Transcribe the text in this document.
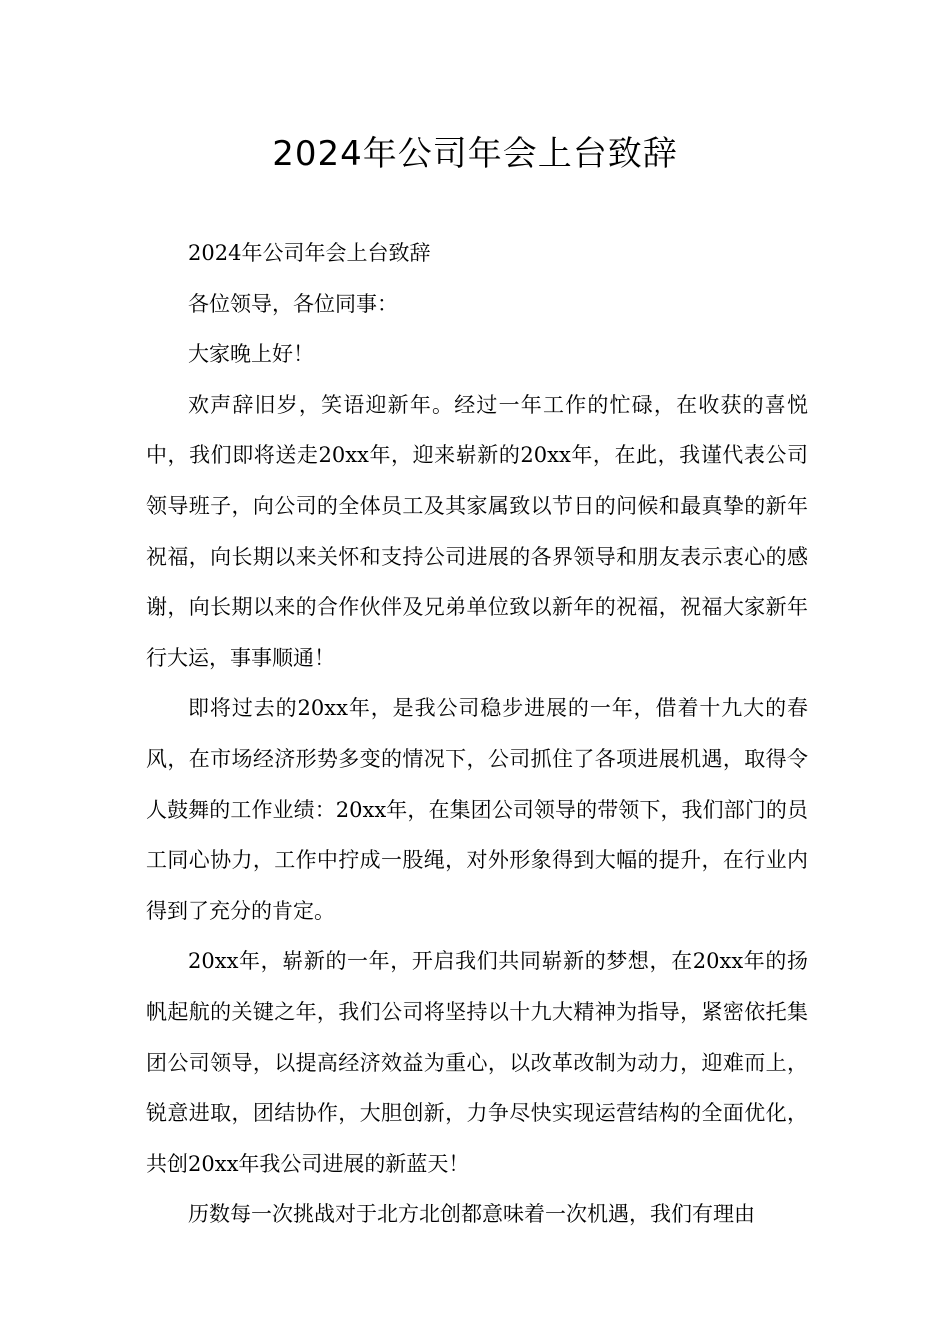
2024年公司年会上台致辞

2024年公司年会上台致辞

各位领导，各位同事：

大家晚上好！

欢声辞旧岁，笑语迎新年。经过一年工作的忙碌，在收获的喜悦中，我们即将送走20xx年，迎来崭新的20xx年，在此，我谨代表公司领导班子，向公司的全体员工及其家属致以节日的问候和最真挚的新年祝福，向长期以来关怀和支持公司进展的各界领导和朋友表示衷心的感谢，向长期以来的合作伙伴及兄弟单位致以新年的祝福，祝福大家新年行大运，事事顺通！

即将过去的20xx年，是我公司稳步进展的一年，借着十九大的春风，在市场经济形势多变的情况下，公司抓住了各项进展机遇，取得令人鼓舞的工作业绩：20xx年，在集团公司领导的带领下，我们部门的员工同心协力，工作中拧成一股绳，对外形象得到大幅的提升，在行业内得到了充分的肯定。

20xx年，崭新的一年，开启我们共同崭新的梦想，在20xx年的扬帆起航的关键之年，我们公司将坚持以十九大精神为指导，紧密依托集团公司领导，以提高经济效益为重心，以改革改制为动力，迎难而上，锐意进取，团结协作，大胆创新，力争尽快实现运营结构的全面优化，共创20xx年我公司进展的新蓝天！

历数每一次挑战对于北方北创都意味着一次机遇，我们有理由
